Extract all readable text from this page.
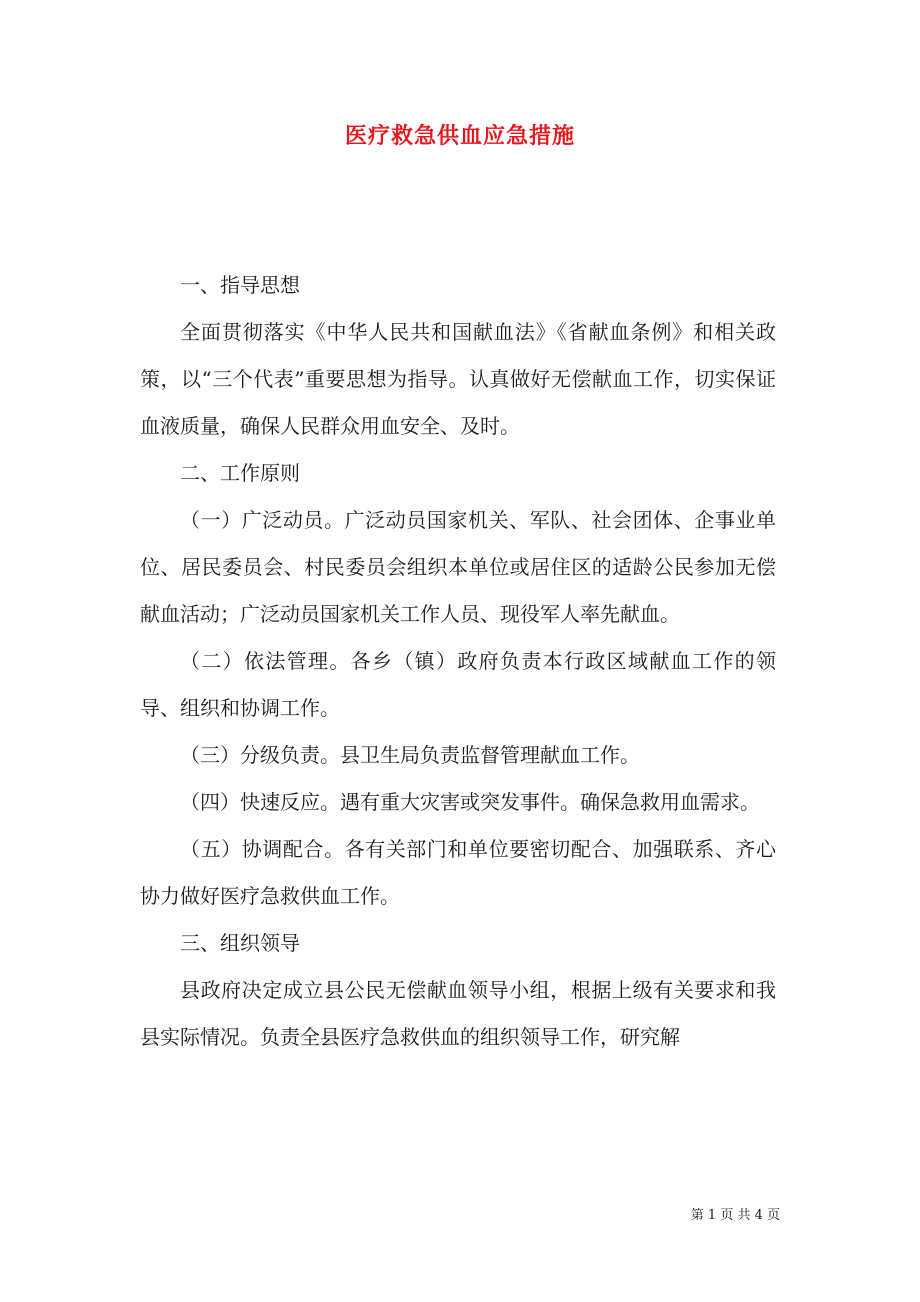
医疗救急供血应急措施

一、指导思想

全面贯彻落实《中华人民共和国献血法》《省献血条例》和相关政策，以“三个代表”重要思想为指导。认真做好无偿献血工作，切实保证血液质量，确保人民群众用血安全、及时。

二、工作原则

（一）广泛动员。广泛动员国家机关、军队、社会团体、企事业单位、居民委员会、村民委员会组织本单位或居住区的适龄公民参加无偿献血活动；广泛动员国家机关工作人员、现役军人率先献血。

（二）依法管理。各乡（镇）政府负责本行政区域献血工作的领导、组织和协调工作。

（三）分级负责。县卫生局负责监督管理献血工作。

（四）快速反应。遇有重大灾害或突发事件。确保急救用血需求。

（五）协调配合。各有关部门和单位要密切配合、加强联系、齐心协力做好医疗急救供血工作。

三、组织领导

县政府决定成立县公民无偿献血领导小组，根据上级有关要求和我县实际情况。负责全县医疗急救供血的组织领导工作，研究解

第 1 页 共 4 页
